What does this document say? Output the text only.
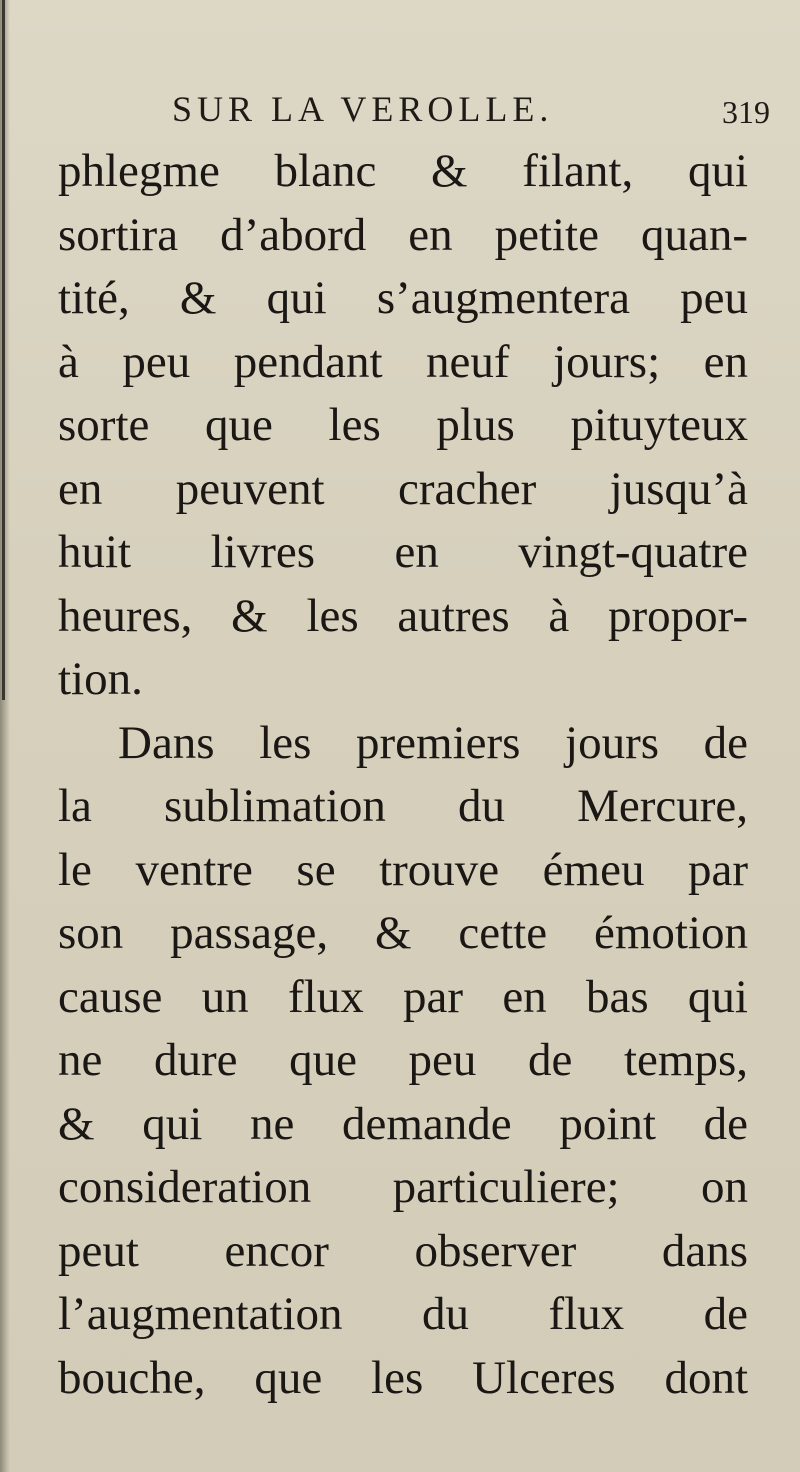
SUR LA VEROLLE.	319
phlegme blanc & filant, qui
sortira d’abord en petite quan-
tité, & qui s’augmentera peu
à peu pendant neuf jours; en
sorte que les plus pituyteux
en peuvent cracher jusqu’à
huit livres en vingt-quatre
heures, & les autres à propor-
tion.
Dans les premiers jours de
la sublimation du Mercure,
le ventre se trouve émeu par
son passage, & cette émotion
cause un flux par en bas qui
ne dure que peu de temps,
& qui ne demande point de
consideration particuliere; on
peut encor observer dans
l’augmentation du flux de
bouche, que les Ulceres dont
